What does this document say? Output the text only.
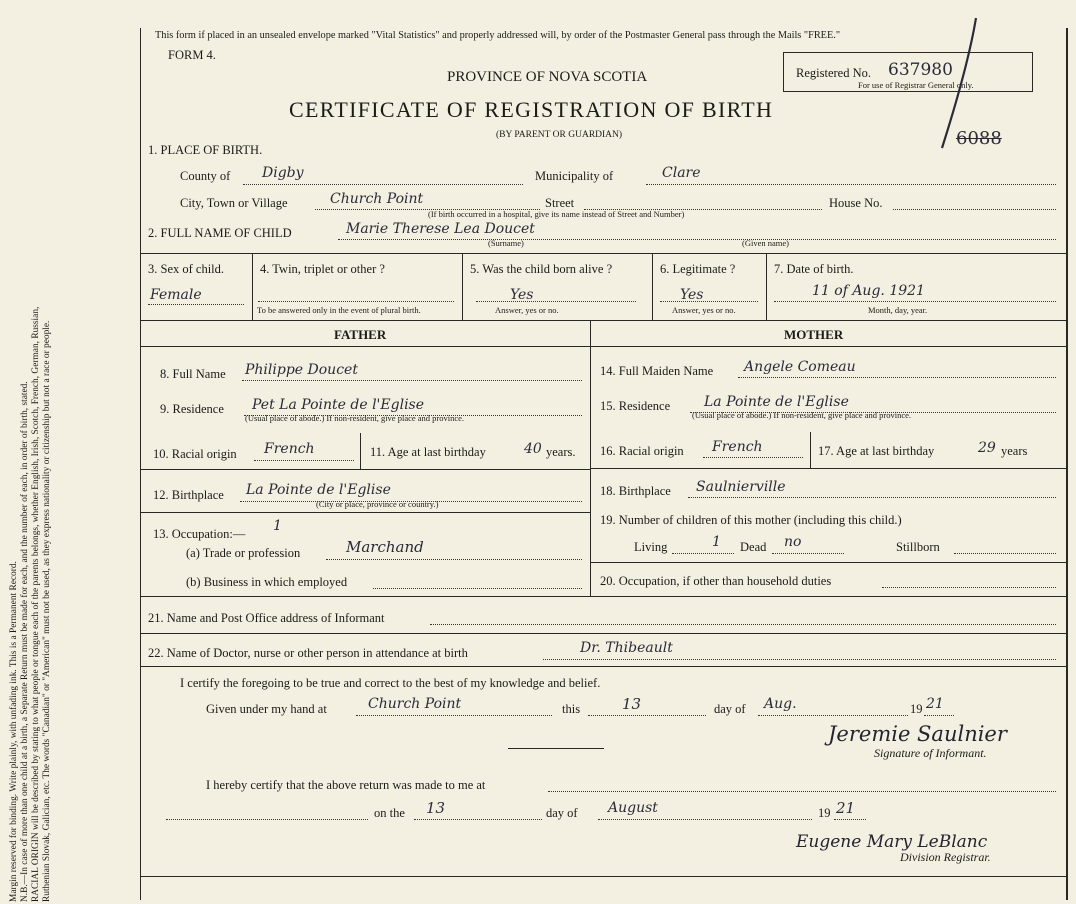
Margin reserved for binding. Write plainly, with unfading ink. This is a Permanent Record. N.B.—In case of more than one child at a birth, a Separate Return must be made for each, and the number of each, in order of birth, stated. RACIAL ORIGIN will be described by stating to what people or tongue each of the parents belongs, whether English, Irish, Scotch, French, German, Russian, Ruthenian Slovak, Galician, etc. The words "Canadian" or "American" must not be used, as they express nationality or citizenship but not a race or people.
This form if placed in an unsealed envelope marked "Vital Statistics" and properly addressed will, by order of the Postmaster General pass through the Mails "FREE."
FORM 4.
PROVINCE OF NOVA SCOTIA
CERTIFICATE OF REGISTRATION OF BIRTH
(BY PARENT OR GUARDIAN)
Registered No. 637980
For use of Registrar General only.
6088
1. PLACE OF BIRTH.
County of Digby	Municipality of	Clare
City, Town or Village	Church Point	Street	House No.
(If birth occurred in a hospital, give its name instead of Street and Number)
2. FULL NAME OF CHILD	Marie Therese Lea Doucet
(Surname)	(Given name)
3. Sex of child.
Female
4. Twin, triplet or other ?
To be answered only in the event of plural birth.
5. Was the child born alive ?
Yes
Answer, yes or no.
6. Legitimate ?
Yes
Answer, yes or no.
7. Date of birth.
11 of Aug. 1921
Month, day, year.
FATHER	MOTHER
8. Full Name Philippe Doucet
9. Residence Pet La Pointe de l'Eglise
(Usual place of abode.) If non-resident, give place and province.
10. Racial origin French	11. Age at last birthday	40 years.
12. Birthplace La Pointe de l'Eglise
(City or place, province or country.)
13. Occupation:— 1
(a) Trade or profession	Marchand
(b) Business in which employed
14. Full Maiden Name Angele Comeau
15. Residence La Pointe de l'Eglise
(Usual place of abode.) If non-resident, give place and province.
16. Racial origin French	17. Age at last birthday	29 years
18. Birthplace Saulnierville
19. Number of children of this mother (including this child.)
Living	1 Dead no	Stillborn
20. Occupation, if other than household duties
21. Name and Post Office address of Informant
22. Name of Doctor, nurse or other person in attendance at birth	Dr. Thibeault
I certify the foregoing to be true and correct to the best of my knowledge and belief.
Given under my hand at	Church Point	this	13	day of Aug.	19 21
Jeremie Saulnier
Signature of Informant.
I hereby certify that the above return was made to me at
on the 13	day of August	19 21
Eugene Mary LeBlanc
Division Registrar.
